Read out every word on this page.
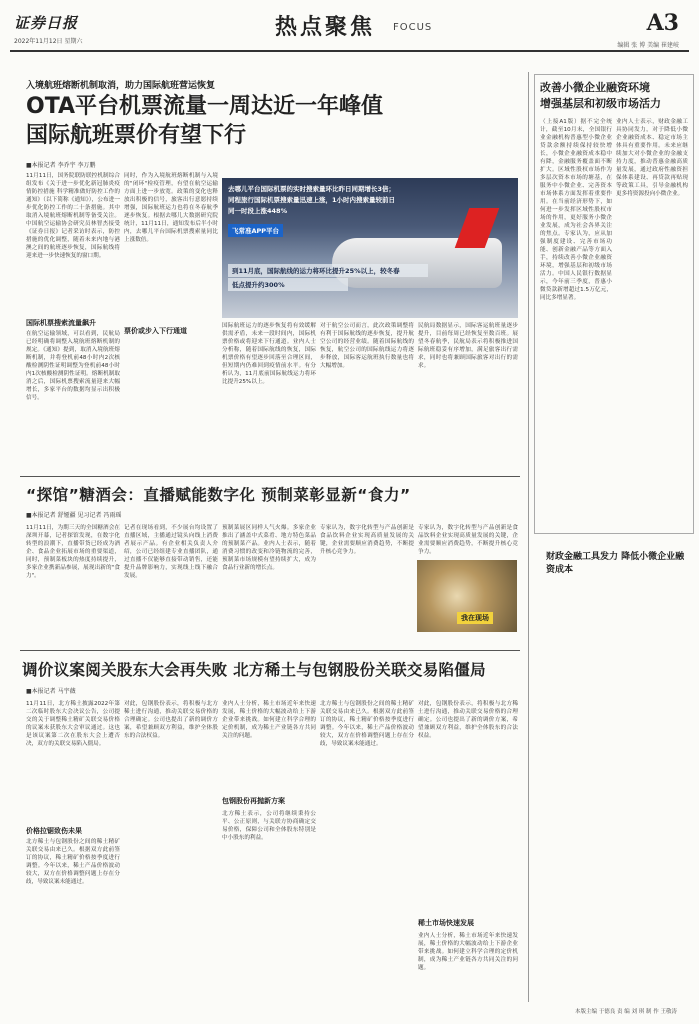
证券日报
2022年11月12日 星期六
热点聚焦 FOCUS	A3
编辑 张 博 美编 崔建岐
入境航班熔断机制取消，助力国际航班营运恢复
OTA平台机票流量一周达近一年峰值
国际航班票价有望下行
■本报记者 李乔宇 李万鹏
11月11日，国务院联防联控机制综合组发布《关于进一步优化新冠肺炎疫情防控措施 科学精准做好防控工作的通知》（以下简称《通知》），公布进一步优化防控工作的二十条措施。其中取消入境航班熔断机制等备受关注。中国航空运输协会研究员林智杰接受《证券日报》记者采访时表示，防控措施的优化调整，随着未来内地与港澳之间的航班逐步恢复，国际航线将迎来进一步快速恢复的窗口期。
国际机票搜索流量飙升
在航空运输领域，可以看到，民航局已经明确将调整入境航班熔断机制的规定。《通知》提到，取消入境航班熔断机制，并将登机前48小时内2次核酸检测阴性证明调整为登机前48小时内1次核酸检测阴性证明。熔断机制取消之后，国际机票搜索流量迎来大幅增长，多家平台的数据均显示出积极信号。
同时，作为入境航班熔断机制与入境的"闭环"检疫管理，有望在航空运输方面上进一步放宽。政策的变化也释放出积极的信号，旅客出行意愿持续增强，国际航班运力也将在冬春航季逐步恢复。根据去哪儿大数据研究院统计，11月11日，通知发布后半小时内，去哪儿平台国际机票搜索量同比上涨数倍。
去哪儿平台国际机票的实时搜索量环比昨日同期增长3倍；
同程旅行国际机票搜索量迅速上涨，1小时内搜索量较前日
同一时段上涨448%
飞常准APP平台
到11月底，国际航线的运力将环比提升25%以上，较冬春
低点提升约300%
票价或步入下行通道
国际航班运力的逐步恢复将有效缓解供需矛盾，未来一段时间内，国际机票价格或将迎来下行通道。业内人士分析称，随着国际航线的恢复，国际机票价格有望逐步回落至合理区间，但短期内仍难回到疫情前水平。有分析认为，11月底前国际航线运力将环比提升25%以上。
对于航空公司而言，此次政策调整将有利于国际航线的逐步恢复，提升航空公司的经营业绩。随着国际航线的恢复，航空公司的国际航线运力将逐步释放，国际客运航班执行数量也将大幅增加。
民航局数据显示，国际客运航班量逐步提升，目前每周已经恢复至数百班。展望冬春航季，民航局表示将积极推进国际航班稳妥有序增加，满足旅客出行需求，同时也将兼顾国际旅客对出行的需求。
改善小微企业融资环境
增强基层和初级市场活力
（上接A1版）据不完全统计，截至10月末，全国银行业金融机构普惠型小微企业贷款余额持续保持较快增长，小微企业融资成本稳中有降，金融服务覆盖面不断扩大。区域性股权市场作为多层次资本市场的塘基，在服务中小微企业、完善资本市场体系方面发挥着重要作用。在当前经济形势下，如何进一步发挥区域性股权市场的作用，更好服务小微企业发展，成为社会各界关注的焦点。专家认为，应从加强制度建设、完善市场功能、创新金融产品等方面入手，持续改善小微企业融资环境，增强基层和初级市场活力。中国人民银行数据显示，今年前三季度，普惠小微贷款新增超过1.5万亿元，同比多增显著。
业内人士表示，财政金融工具协同发力，对于降低小微企业融资成本、稳定市场主体具有重要作用。未来应继续加大对小微企业的金融支持力度，推动普惠金融高质量发展，通过政府性融资担保体系建设、再贷款再贴现等政策工具，引导金融机构更多将资源投向小微企业。
“探馆”糖酒会：直播赋能数字化 预制菜彰显新“食力”
■本报记者 舒娅疆 见习记者 冯雨瑶
11月11日，为期三天的全国糖酒会在深圳开幕，记者探馆发现，在数字化转型的浪潮下，直播带货已经成为酒企、食品企业拓展市场的重要渠道，同时，预制菜板块的热度持续提升，多家企业携新品参展，展现出新的"食力"。
记者在现场看到，不少展台均设置了直播区域，主播通过镜头向线上消费者展示产品。有企业相关负责人介绍，公司已经组建专业直播团队，通过直播不仅能够直接带动销售，还能提升品牌影响力，实现线上线下融合发展。
预制菜展区同样人气火爆。多家企业推出了涵盖中式菜肴、地方特色菜品的预制菜产品。业内人士表示，随着消费习惯的改变和冷链物流的完善，预制菜市场规模有望持续扩大，成为食品行业新的增长点。
专家认为，数字化转型与产品创新是食品饮料企业实现高质量发展的关键，企业需要顺应消费趋势，不断提升核心竞争力。
专家认为，数字化转型与产品创新是食品饮料企业实现高质量发展的关键，企业需要顺应消费趋势，不断提升核心竞争力。
我在现场
财政金融工具发力 降低小微企业融资成本
调价议案阅关股东大会再失败 北方稀土与包钢股份关联交易陷僵局
■本报记者 马宇薇
11月11日，北方稀土披露2022年第二次临时股东大会决议公告，公司提交的关于调整稀土精矿关联交易价格的议案未获股东大会审议通过。这也是该议案第二次在股东大会上遭否决，双方的关联交易陷入僵局。
价格拉锯致伤未果
北方稀土与包钢股份之间的稀土精矿关联交易由来已久。根据双方此前签订的协议，稀土精矿价格按季度进行调整。今年以来，稀土产品价格波动较大，双方在价格调整问题上存在分歧，导致议案未能通过。
对此，包钢股份表示，将积极与北方稀土进行沟通，推动关联交易价格的合理确定。公司也提出了新的调价方案，希望兼顾双方利益，维护全体股东的合法权益。
包钢股份再抛新方案
业内人士分析，稀土市场近年来快速发展，稀土价格的大幅波动给上下游企业带来挑战。如何建立科学合理的定价机制，成为稀土产业链各方共同关注的问题。
北方稀土表示，公司将继续秉持公平、公正原则，与关联方协商确定交易价格，保障公司和全体股东特别是中小股东的利益。
北方稀土与包钢股份之间的稀土精矿关联交易由来已久。根据双方此前签订的协议，稀土精矿价格按季度进行调整。今年以来，稀土产品价格波动较大，双方在价格调整问题上存在分歧，导致议案未能通过。
稀土市场快速发展
对此，包钢股份表示，将积极与北方稀土进行沟通，推动关联交易价格的合理确定。公司也提出了新的调价方案，希望兼顾双方利益，维护全体股东的合法权益。
业内人士分析，稀土市场近年来快速发展，稀土价格的大幅波动给上下游企业带来挑战。如何建立科学合理的定价机制，成为稀土产业链各方共同关注的问题。
本版主编 于德良 责 编 刘 琪 制 作 王敬涛
